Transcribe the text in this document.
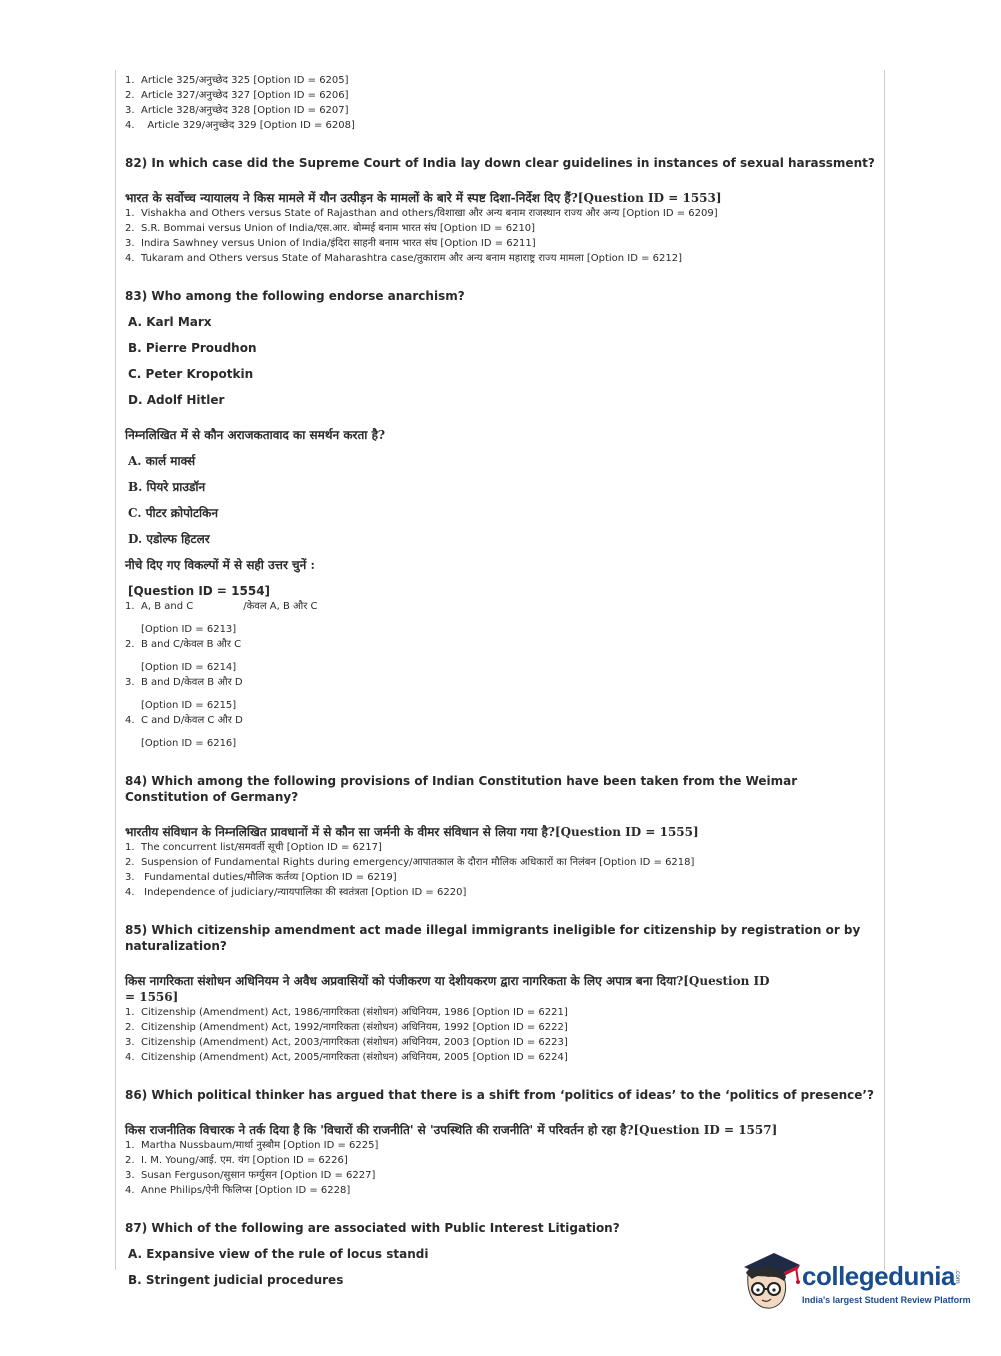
1. Article 325/अनुच्छेद 325 [Option ID = 6205]

2. Article 327/अनुच्छेद 327 [Option ID = 6206]

3. Article 328/अनुच्छेद 328 [Option ID = 6207]

4.  Article 329/अनुच्छेद 329 [Option ID = 6208]

82) In which case did the Supreme Court of India lay down clear guidelines in instances of sexual harassment?

भारत के सर्वोच्च न्यायालय ने किस मामले में यौन उत्पीड़न के मामलों के बारे में स्पष्ट दिशा-निर्देश दिए हैं?[Question ID = 1553]

1. Vishakha and Others versus State of Rajasthan and others/विशाखा और अन्य बनाम राजस्थान राज्य और अन्य [Option ID = 6209]

2. S.R. Bommai versus Union of India/एस.आर. बोम्मई बनाम भारत संघ [Option ID = 6210]

3. Indira Sawhney versus Union of India/इंदिरा साहनी बनाम भारत संघ [Option ID = 6211]

4. Tukaram and Others versus State of Maharashtra case/तुकाराम और अन्य बनाम महाराष्ट्र राज्य मामला [Option ID = 6212]

83) Who among the following endorse anarchism?

A. Karl Marx

B. Pierre Proudhon

C. Peter Kropotkin

D. Adolf Hitler

निम्नलिखित में से कौन अराजकतावाद का समर्थन करता है?

A. कार्ल मार्क्स

B. पियरे प्राउडॉन

C. पीटर क्रोपोटकिन

D. एडोल्फ हिटलर

नीचे दिए गए विकल्पों में से सही उत्तर चुनें :

[Question ID = 1554]

1. A, B and C	/केवल A, B और C

[Option ID = 6213]

2. B and C/केवल B और C

[Option ID = 6214]

3. B and D/केवल B और D

[Option ID = 6215]

4. C and D/केवल C और D

[Option ID = 6216]

84) Which among the following provisions of Indian Constitution have been taken from the Weimar Constitution of Germany?

भारतीय संविधान के निम्नलिखित प्रावधानों में से कौन सा जर्मनी के वीमर संविधान से लिया गया है?[Question ID = 1555]

1. The concurrent list/समवर्ती सूची [Option ID = 6217]

2. Suspension of Fundamental Rights during emergency/आपातकाल के दौरान मौलिक अधिकारों का निलंबन [Option ID = 6218]

3. Fundamental duties/मौलिक कर्तव्य [Option ID = 6219]

4. Independence of judiciary/न्यायपालिका की स्वतंत्रता [Option ID = 6220]

85) Which citizenship amendment act made illegal immigrants ineligible for citizenship by registration or by naturalization?

किस नागरिकता संशोधन अधिनियम ने अवैध अप्रवासियों को पंजीकरण या देशीयकरण द्वारा नागरिकता के लिए अपात्र बना दिया?[Question ID

= 1556]

1. Citizenship (Amendment) Act, 1986/नागरिकता (संशोधन) अधिनियम, 1986 [Option ID = 6221]

2. Citizenship (Amendment) Act, 1992/नागरिकता (संशोधन) अधिनियम, 1992 [Option ID = 6222]

3. Citizenship (Amendment) Act, 2003/नागरिकता (संशोधन) अधिनियम, 2003 [Option ID = 6223]

4. Citizenship (Amendment) Act, 2005/नागरिकता (संशोधन) अधिनियम, 2005 [Option ID = 6224]

86) Which political thinker has argued that there is a shift from ‘politics of ideas’ to the ‘politics of presence’?

किस राजनीतिक विचारक ने तर्क दिया है कि 'विचारों की राजनीति' से 'उपस्थिति की राजनीति' में परिवर्तन हो रहा है?[Question ID = 1557]

1. Martha Nussbaum/मार्था नुस्बौम [Option ID = 6225]

2. I. M. Young/आई. एम. यंग [Option ID = 6226]

3. Susan Ferguson/सुसान फर्ग्युसन [Option ID = 6227]

4. Anne Philips/ऐनी फिलिप्स [Option ID = 6228]

87) Which of the following are associated with Public Interest Litigation?

A. Expansive view of the rule of locus standi

B. Stringent judicial procedures	collegedunia .com
India's largest Student Review Platform
